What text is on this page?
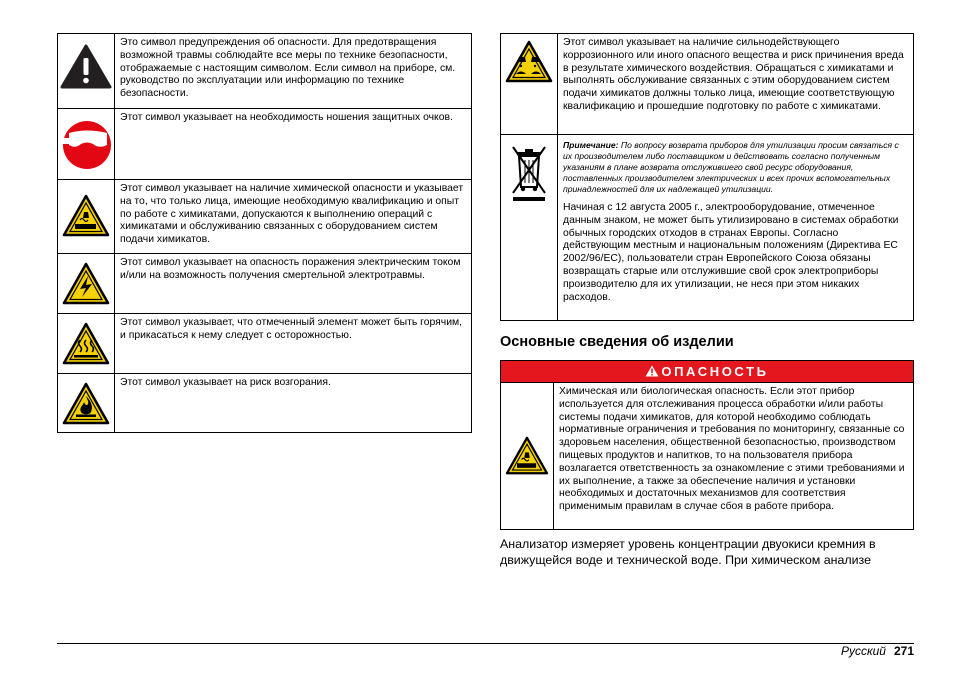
	Это символ предупреждения об опасности. Для предотвращения возможной травмы соблюдайте все меры по технике безопасности, отображаемые с настоящим символом. Если символ на приборе, см. руководство по эксплуатации или информацию по технике безопасности.

	Этот символ указывает на необходимость ношения защитных очков.

	Этот символ указывает на наличие химической опасности и указывает на то, что только лица, имеющие необходимую квалификацию и опыт по работе с химикатами, допускаются к выполнению операций с химикатами и обслуживанию связанных с оборудованием систем подачи химикатов.

	Этот символ указывает на опасность поражения электрическим током и/или на возможность получения смертельной электротравмы.

	Этот символ указывает, что отмеченный элемент может быть горячим, и прикасаться к нему следует с осторожностью.

	Этот символ указывает на риск возгорания.
	Этот символ указывает на наличие сильнодействующего коррозионного или иного опасного вещества и риск причинения вреда в результате химического воздействия. Обращаться с химикатами и выполнять обслуживание связанных с этим оборудованием систем подачи химикатов должны только лица, имеющие соответствующую квалификацию и прошедшие подготовку по работе с химикатами.

Примечание: По вопросу возврата приборов для утилизации просим связаться с их производителем либо поставщиком и действовать согласно полученным указаниям в плане возврата отслужившего свой ресурс оборудования, поставленных производителем электрических и всех прочих вспомогательных принадлежностей для их надлежащей утилизации.

Начиная с 12 августа 2005 г., электрооборудование, отмеченное данным знаком, не может быть утилизировано в системах обработки обычных городских отходов в странах Европы. Согласно действующим местным и национальным положениям (Директива ЕС 2002/96/ЕС), пользователи стран Европейского Союза обязаны возвращать старые или отслужившие свой срок электроприборы производителю для их утилизации, не неся при этом никаких расходов.

Основные сведения об изделии
ОПАСНОСТЬ

	Химическая или биологическая опасность. Если этот прибор используется для отслеживания процесса обработки и/или работы системы подачи химикатов, для которой необходимо соблюдать нормативные ограничения и требования по мониторингу, связанные со здоровьем населения, общественной безопасностью, производством пищевых продуктов и напитков, то на пользователя прибора возлагается ответственность за ознакомление с этими требованиями и их выполнение, а также за обеспечение наличия и установки необходимых и достаточных механизмов для соответствия применимым правилам в случае сбоя в работе прибора.

Анализатор измеряет уровень концентрации двуокиси кремния в движущейся воде и технической воде. При химическом анализе

Русский 271
